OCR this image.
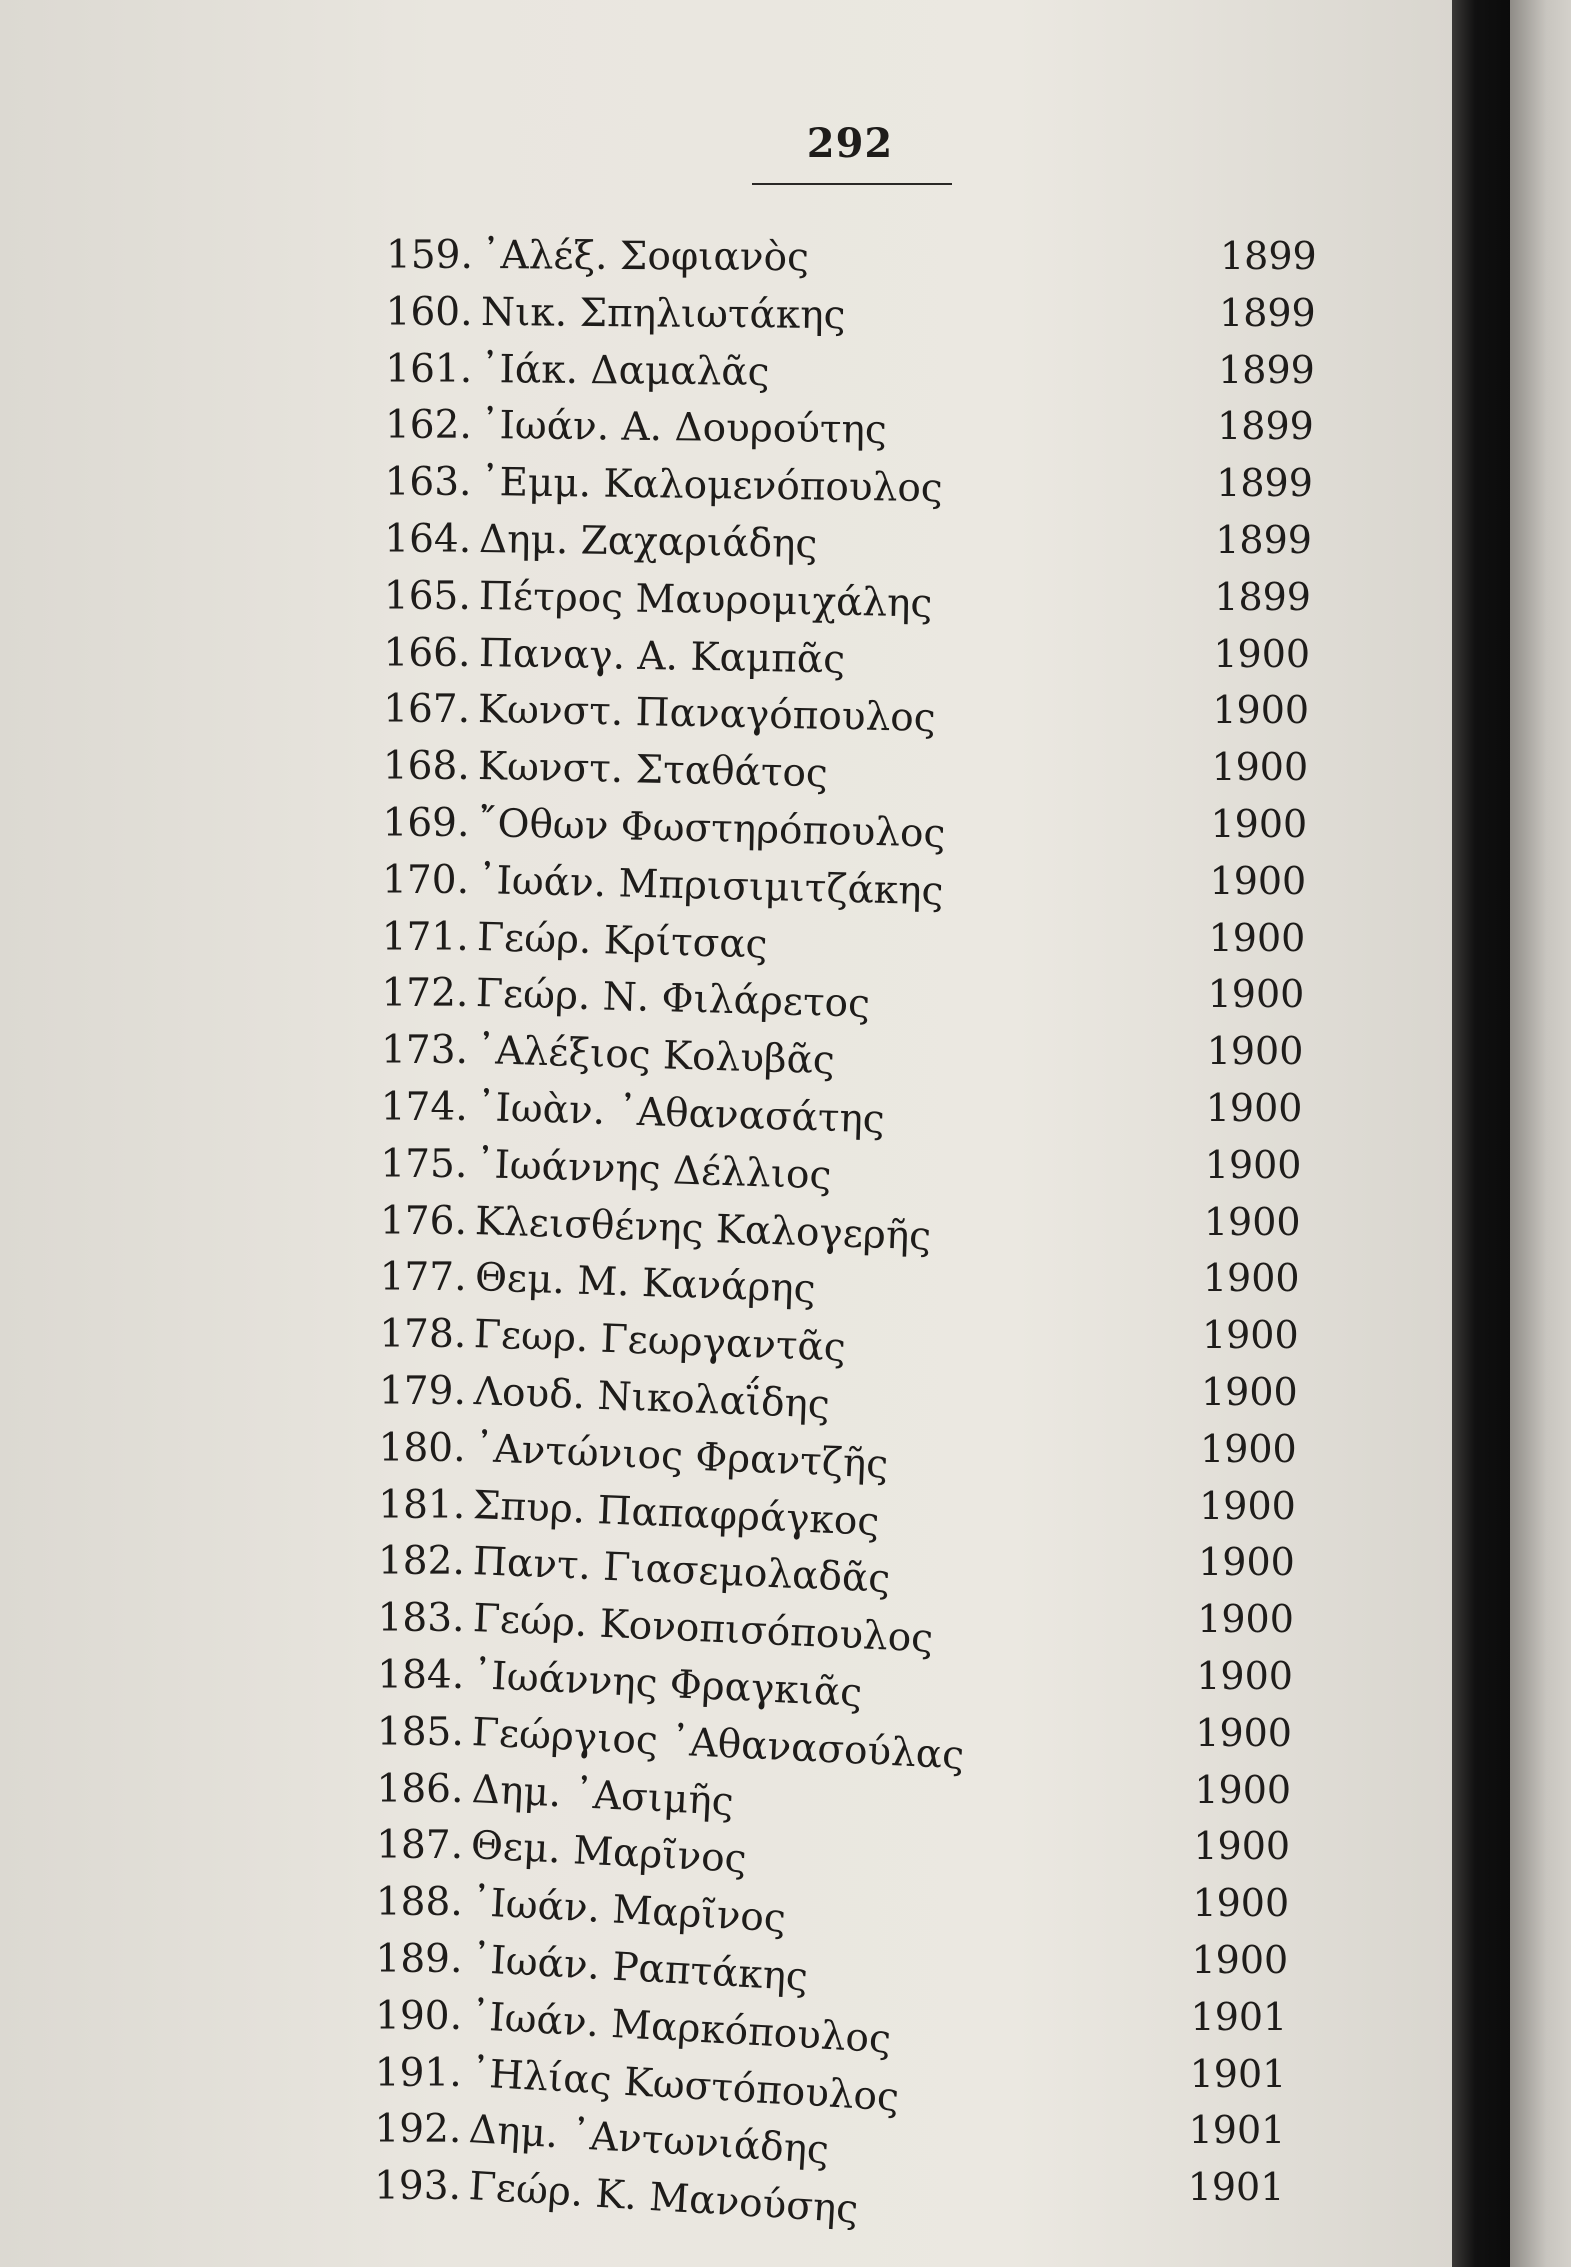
292
159. ᾿Αλέξ. Σοφιανὸς	1899
160. Νικ. Σπηλιωτάκης	1899
161. ᾿Ιάκ. Δαμαλᾶς	1899
162. ᾿Ιωάν. Α. Δουρούτης	1899
163. ᾿Εμμ. Καλομενόπουλος	1899
164. Δημ. Ζαχαριάδης	1899
165. Πέτρος Μαυρομιχάλης	1899
166. Παναγ. Α. Καμπᾶς	1900
167. Κωνστ. Παναγόπουλος	1900
168. Κωνστ. Σταθάτος	1900
169. ῎Οθων Φωστηρόπουλος	1900
170. ᾿Ιωάν. Μπρισιμιτζάκης	1900
171. Γεώρ. Κρίτσας	1900
172. Γεώρ. Ν. Φιλάρετος	1900
173. ᾿Αλέξιος Κολυβᾶς	1900
174. ᾿Ιωὰν. ᾿Αθανασάτης	1900
175. ᾿Ιωάννης Δέλλιος	1900
176. Κλεισθένης Καλογερῆς	1900
177. Θεμ. Μ. Κανάρης	1900
178. Γεωρ. Γεωργαντᾶς	1900
179. Λουδ. Νικολαΐδης	1900
180. ᾿Αντώνιος Φραντζῆς	1900
181. Σπυρ. Παπαφράγκος	1900
182. Παντ. Γιασεμολαδᾶς	1900
183. Γεώρ. Κονοπισόπουλος	1900
184. ᾿Ιωάννης Φραγκιᾶς	1900
185. Γεώργιος ᾿Αθανασούλας	1900
186. Δημ. ᾿Ασιμῆς	1900
187. Θεμ. Μαρῖνος	1900
188. ᾿Ιωάν. Μαρῖνος	1900
189. ᾿Ιωάν. Ραπτάκης	1900
190. ᾿Ιωάν. Μαρκόπουλος	1901
191. ᾿Ηλίας Κωστόπουλος	1901
192. Δημ. ᾿Αντωνιάδης	1901
193. Γεώρ. Κ. Μανούσης	1901
